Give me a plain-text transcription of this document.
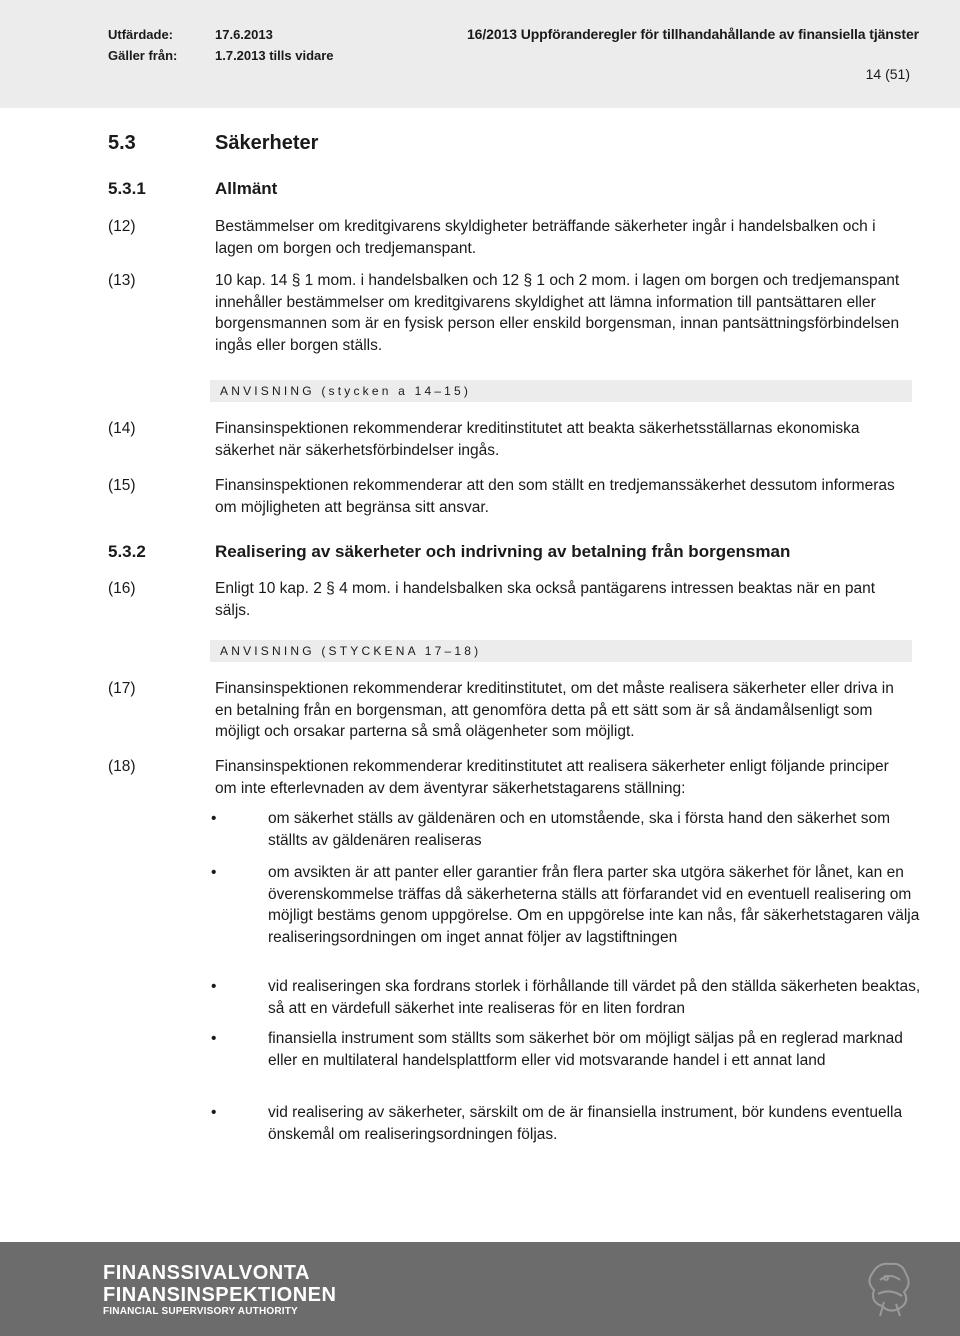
Utfärdade:	17.6.2013
Gäller från:	1.7.2013 tills vidare
16/2013 Uppföranderegler för tillhandahållande av finansiella tjänster
14 (51)
5.3	Säkerheter
5.3.1	Allmänt
(12)	Bestämmelser om kreditgivarens skyldigheter beträffande säkerheter ingår i handelsbalken och i lagen om borgen och tredjemanspant.
(13)	10 kap. 14 § 1 mom. i handelsbalken och 12 § 1 och 2 mom. i lagen om borgen och tredjemanspant innehåller bestämmelser om kreditgivarens skyldighet att lämna information till pantsättaren eller borgensmannen som är en fysisk person eller enskild borgensman, innan pantsättningsförbindelsen ingås eller borgen ställs.
ANVISNING (stycken a 14–15)
(14)	Finansinspektionen rekommenderar kreditinstitutet att beakta säkerhetsställarnas ekonomiska säkerhet när säkerhetsförbindelser ingås.
(15)	Finansinspektionen rekommenderar att den som ställt en tredjemanssäkerhet dessutom informeras om möjligheten att begränsa sitt ansvar.
5.3.2	Realisering av säkerheter och indrivning av betalning från borgensman
(16)	Enligt 10 kap. 2 § 4 mom. i handelsbalken ska också pantägarens intressen beaktas när en pant säljs.
ANVISNING (STYCKENA 17–18)
(17)	Finansinspektionen rekommenderar kreditinstitutet, om det måste realisera säkerheter eller driva in en betalning från en borgensman, att genomföra detta på ett sätt som är så ändamålsenligt som möjligt och orsakar parterna så små olägenheter som möjligt.
(18)	Finansinspektionen rekommenderar kreditinstitutet att realisera säkerheter enligt följande principer om inte efterlevnaden av dem äventyrar säkerhetstagarens ställning:
•	om säkerhet ställs av gäldenären och en utomstående, ska i första hand den säkerhet som ställts av gäldenären realiseras
•	om avsikten är att panter eller garantier från flera parter ska utgöra säkerhet för lånet, kan en överenskommelse träffas då säkerheterna ställs att förfarandet vid en eventuell realisering om möjligt bestäms genom uppgörelse. Om en uppgörelse inte kan nås, får säkerhetstagaren välja realiseringsordningen om inget annat följer av lagstiftningen
•	vid realiseringen ska fordrans storlek i förhållande till värdet på den ställda säkerheten beaktas, så att en värdefull säkerhet inte realiseras för en liten fordran
•	finansiella instrument som ställts som säkerhet bör om möjligt säljas på en reglerad marknad eller en multilateral handelsplattform eller vid motsvarande handel i ett annat land
•	vid realisering av säkerheter, särskilt om de är finansiella instrument, bör kundens eventuella önskemål om realiseringsordningen följas.
FINANSSIVALVONTA
FINANSINSPEKTIONEN
FINANCIAL SUPERVISORY AUTHORITY
